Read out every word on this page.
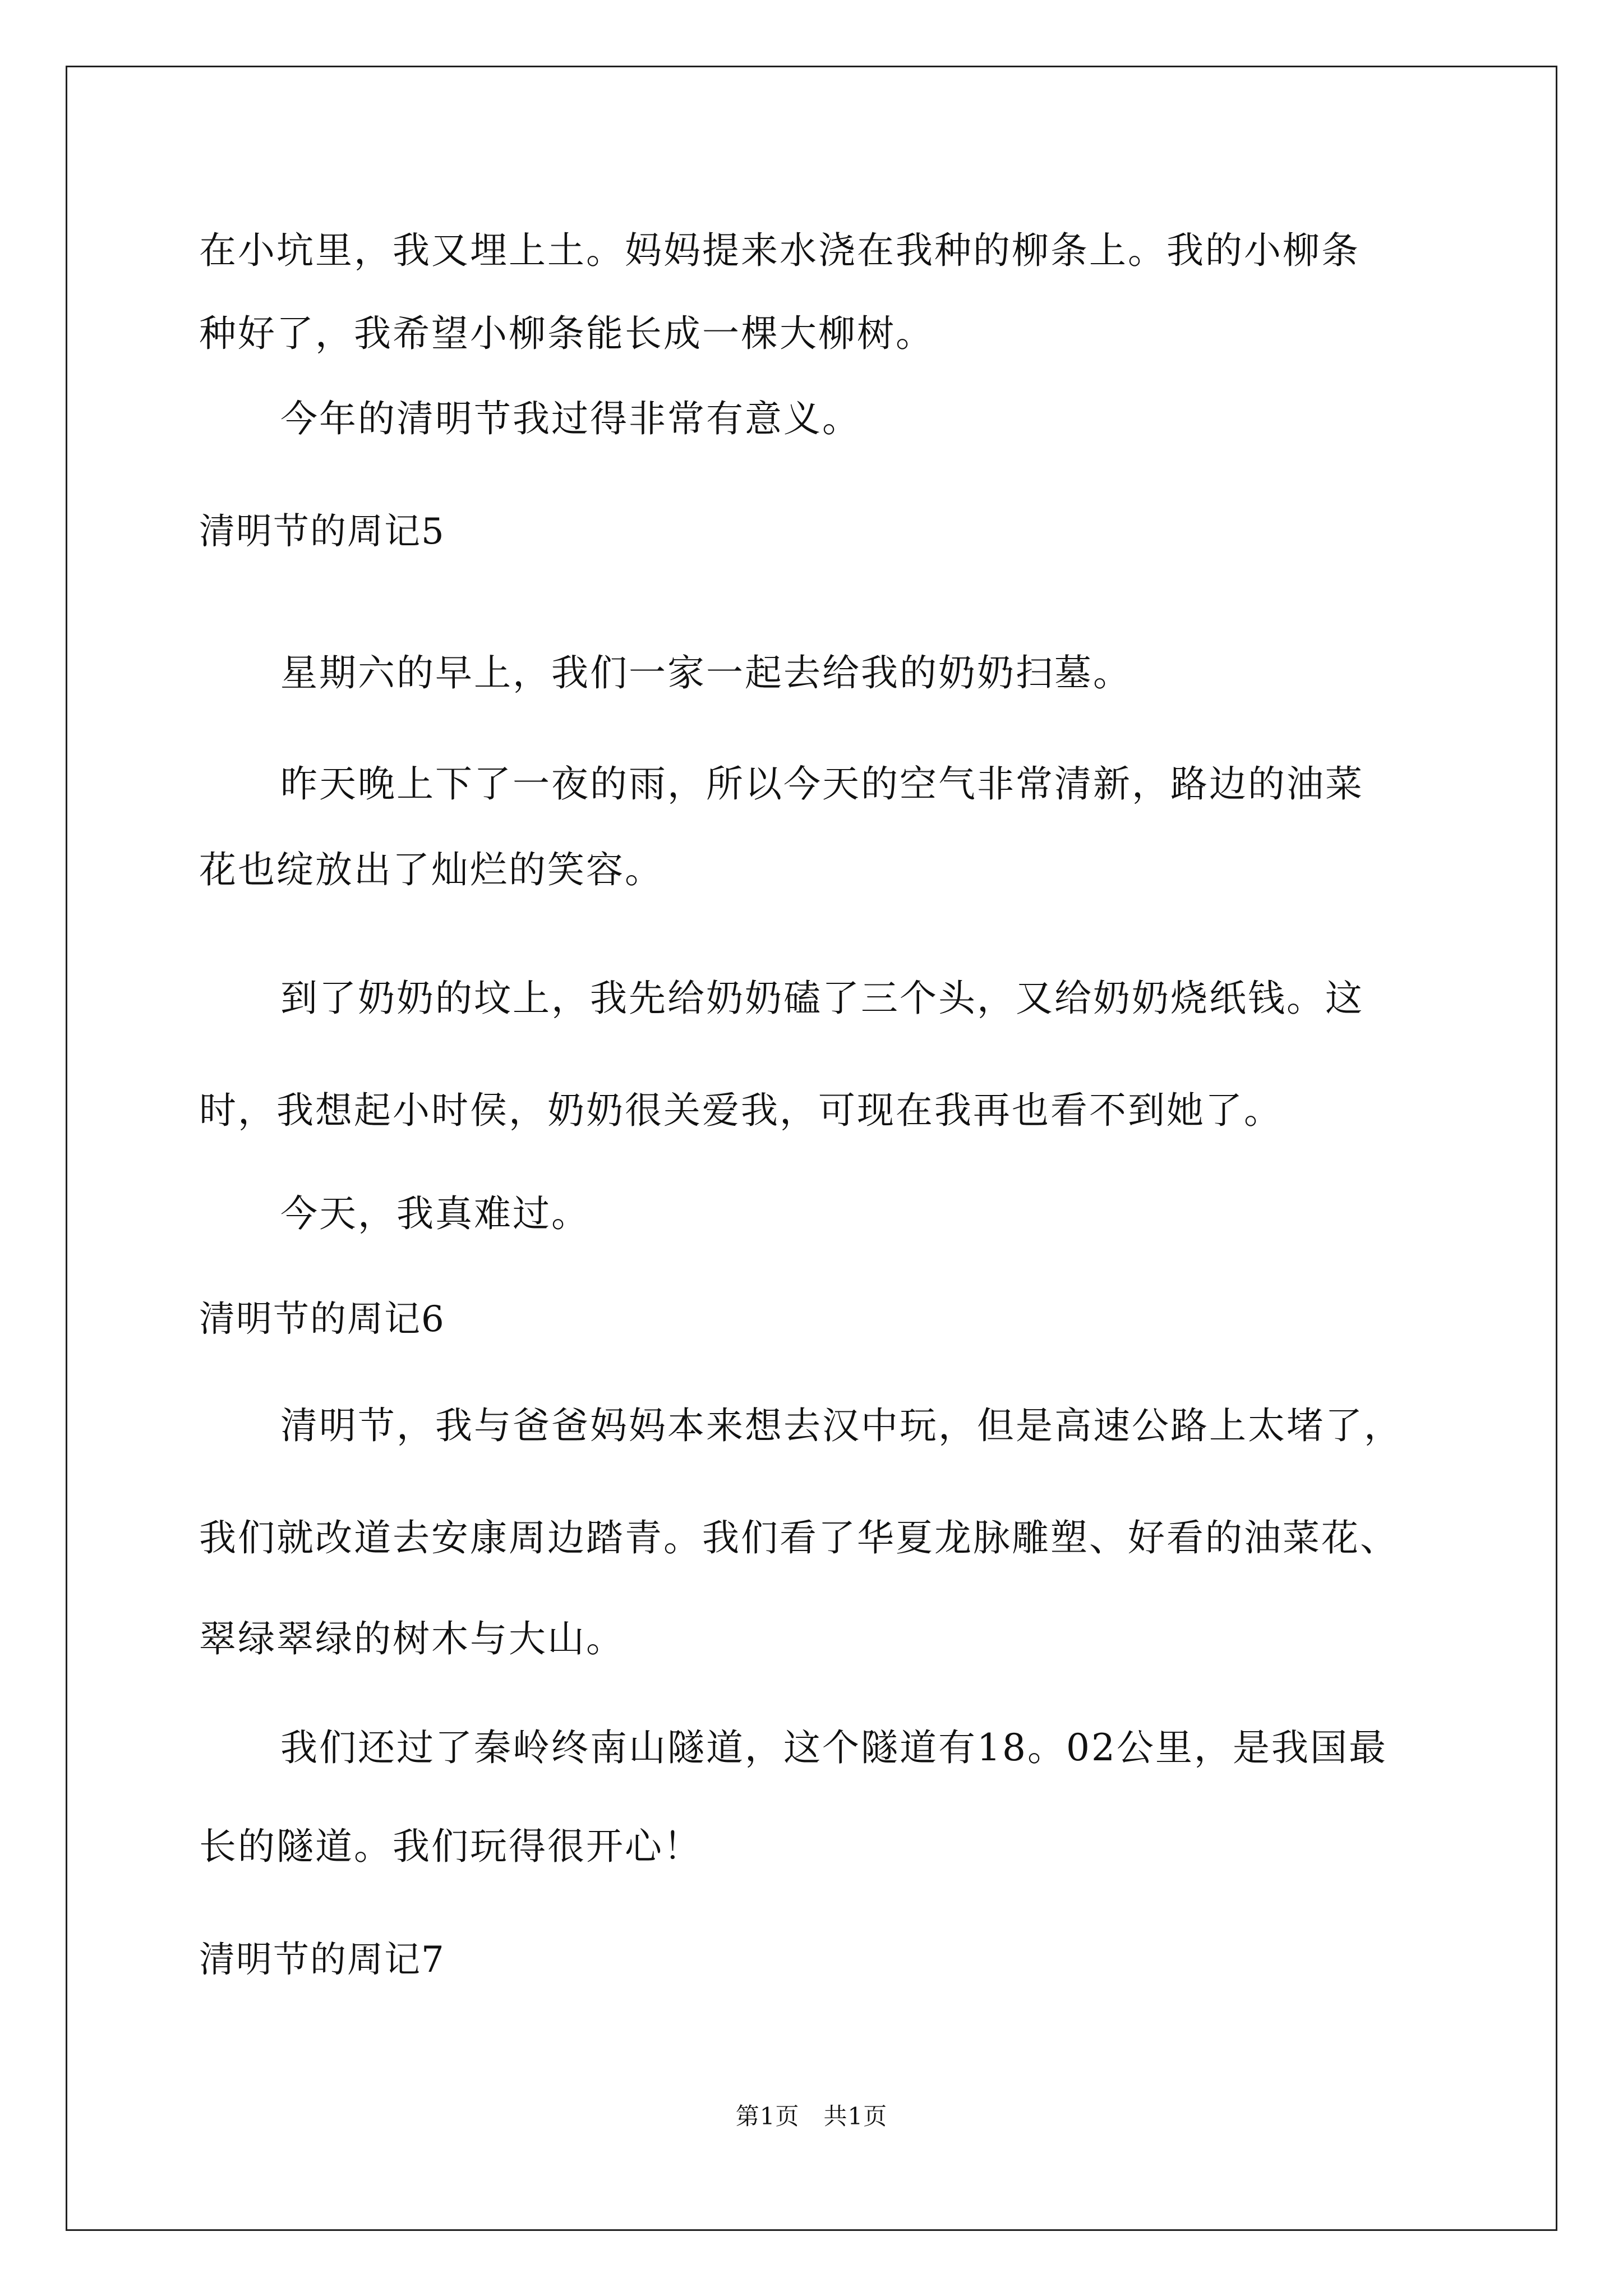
在小坑里，我又埋上土。妈妈提来水浇在我种的柳条上。我的小柳条
种好了，我希望小柳条能长成一棵大柳树。
今年的清明节我过得非常有意义。
清明节的周记5
星期六的早上，我们一家一起去给我的奶奶扫墓。
昨天晚上下了一夜的雨，所以今天的空气非常清新，路边的油菜
花也绽放出了灿烂的笑容。
到了奶奶的坟上，我先给奶奶磕了三个头，又给奶奶烧纸钱。这
时，我想起小时侯，奶奶很关爱我，可现在我再也看不到她了。
今天，我真难过。
清明节的周记6
清明节，我与爸爸妈妈本来想去汉中玩，但是高速公路上太堵了，
我们就改道去安康周边踏青。我们看了华夏龙脉雕塑、好看的油菜花、
翠绿翠绿的树木与大山。
我们还过了秦岭终南山隧道，这个隧道有18。02公里，是我国最
长的隧道。我们玩得很开心！
清明节的周记7
第1页　共1页
